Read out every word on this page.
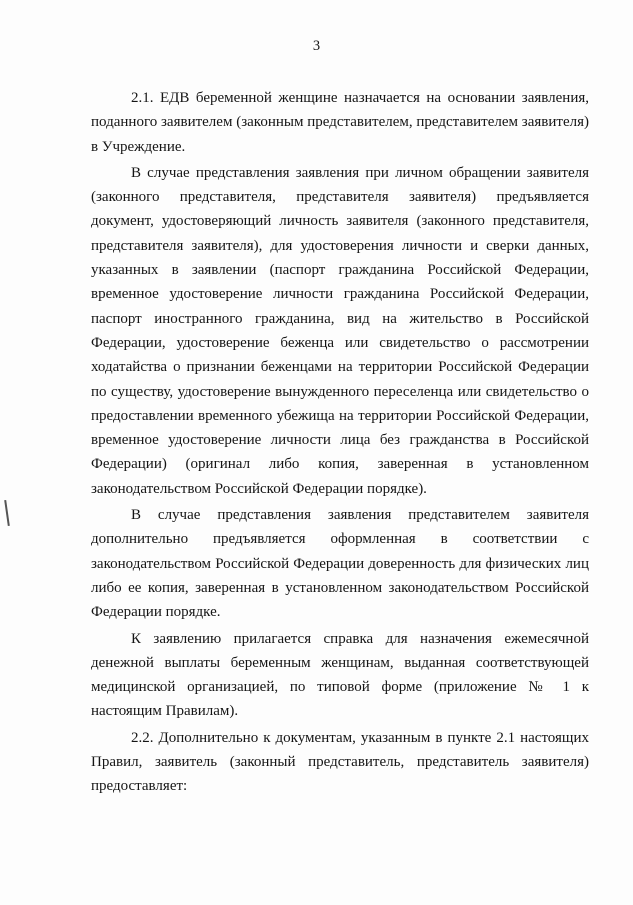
3

2.1. ЕДВ беременной женщине назначается на основании заявления, поданного заявителем (законным представителем, представителем заявителя) в Учреждение.

В случае представления заявления при личном обращении заявителя (законного представителя, представителя заявителя) предъявляется документ, удостоверяющий личность заявителя (законного представителя, представителя заявителя), для удостоверения личности и сверки данных, указанных в заявлении (паспорт гражданина Российской Федерации, временное удостоверение личности гражданина Российской Федерации, паспорт иностранного гражданина, вид на жительство в Российской Федерации, удостоверение беженца или свидетельство о рассмотрении ходатайства о признании беженцами на территории Российской Федерации по существу, удостоверение вынужденного переселенца или свидетельство о предоставлении временного убежища на территории Российской Федерации, временное удостоверение личности лица без гражданства в Российской Федерации) (оригинал либо копия, заверенная в установленном законодательством Российской Федерации порядке).

В случае представления заявления представителем заявителя дополнительно предъявляется оформленная в соответствии с законодательством Российской Федерации доверенность для физических лиц либо ее копия, заверенная в установленном законодательством Российской Федерации порядке.

К заявлению прилагается справка для назначения ежемесячной денежной выплаты беременным женщинам, выданная соответствующей медицинской организацией, по типовой форме (приложение № 1 к настоящим Правилам).

2.2. Дополнительно к документам, указанным в пункте 2.1 настоящих Правил, заявитель (законный представитель, представитель заявителя) предоставляет:
